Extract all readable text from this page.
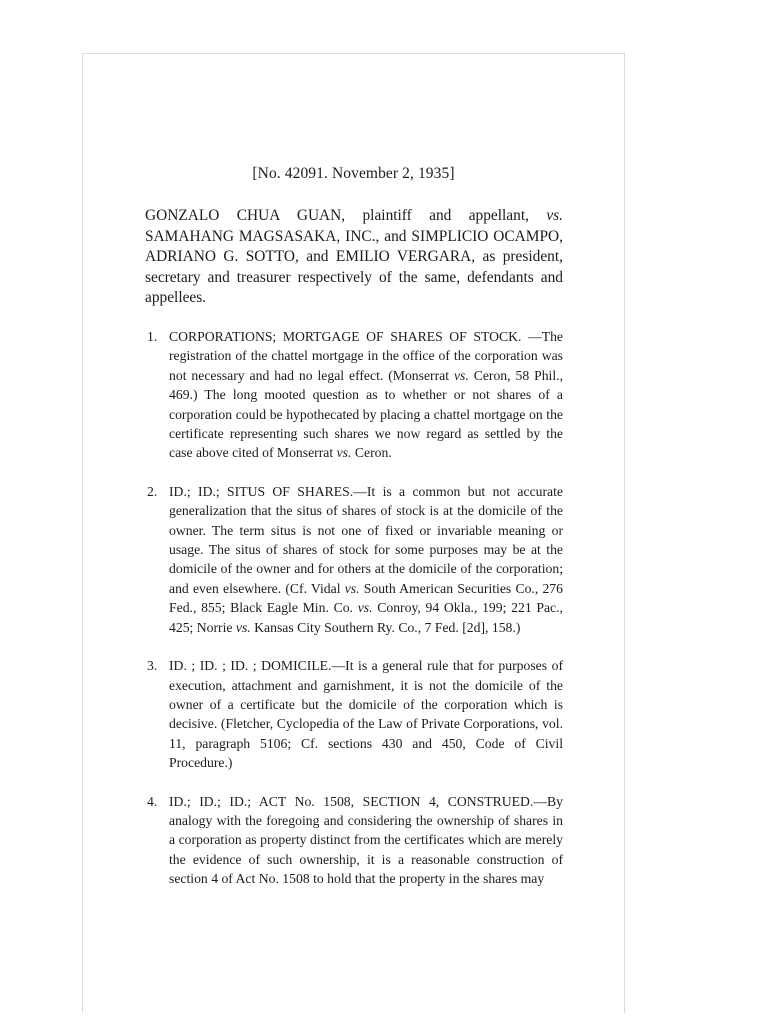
[No. 42091. November 2, 1935]
GONZALO CHUA GUAN, plaintiff and appellant, vs. SAMAHANG MAGSASAKA, INC., and SIMPLICIO OCAMPO, ADRIANO G. SOTTO, and EMILIO VERGARA, as president, secretary and treasurer respectively of the same, defendants and appellees.
1. CORPORATIONS; MORTGAGE OF SHARES OF STOCK. —The registration of the chattel mortgage in the office of the corporation was not necessary and had no legal effect. (Monserrat vs. Ceron, 58 Phil., 469.) The long mooted question as to whether or not shares of a corporation could be hypothecated by placing a chattel mortgage on the certificate representing such shares we now regard as settled by the case above cited of Monserrat vs. Ceron.
2. ID.; ID.; SITUS OF SHARES.—It is a common but not accurate generalization that the situs of shares of stock is at the domicile of the owner. The term situs is not one of fixed or invariable meaning or usage. The situs of shares of stock for some purposes may be at the domicile of the owner and for others at the domicile of the corporation; and even elsewhere. (Cf. Vidal vs. South American Securities Co., 276 Fed., 855; Black Eagle Min. Co. vs. Conroy, 94 Okla., 199; 221 Pac., 425; Norrie vs. Kansas City Southern Ry. Co., 7 Fed. [2d], 158.)
3. ID. ; ID. ; ID. ; DOMICILE.—It is a general rule that for purposes of execution, attachment and garnishment, it is not the domicile of the owner of a certificate but the domicile of the corporation which is decisive. (Fletcher, Cyclopedia of the Law of Private Corporations, vol. 11, paragraph 5106; Cf. sections 430 and 450, Code of Civil Procedure.)
4. ID.; ID.; ID.; ACT No. 1508, SECTION 4, CONSTRUED.—By analogy with the foregoing and considering the ownership of shares in a corporation as property distinct from the certificates which are merely the evidence of such ownership, it is a reasonable construction of section 4 of Act No. 1508 to hold that the property in the shares may
